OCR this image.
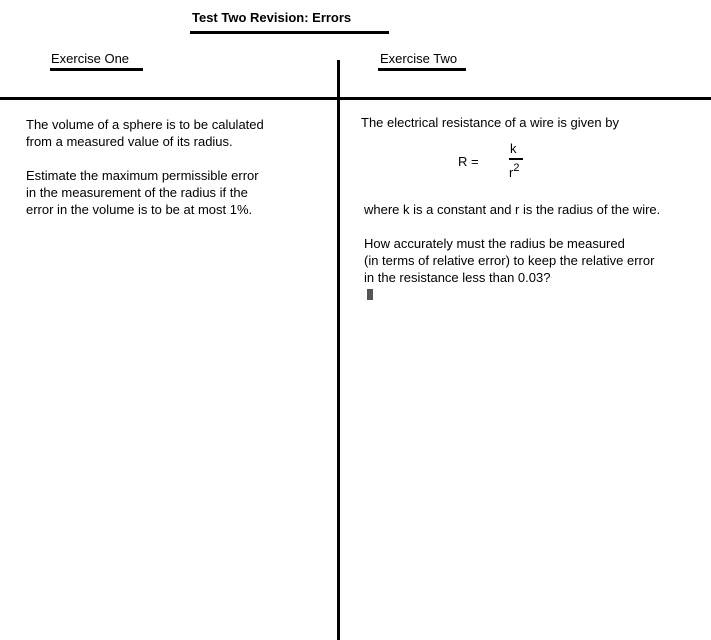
Test Two Revision: Errors
Exercise One	Exercise Two
The volume of a sphere is to be calulated
from a measured value of its radius.
Estimate the maximum permissible error
in the measurement of the radius if the
error in the volume is to be at most 1%.
The electrical resistance of a wire is given by
R =
k
$r^2$
where k is a constant and r is the radius of the wire.
How accurately must the radius be measured
(in terms of relative error) to keep the relative error
in the resistance less than 0.03?
